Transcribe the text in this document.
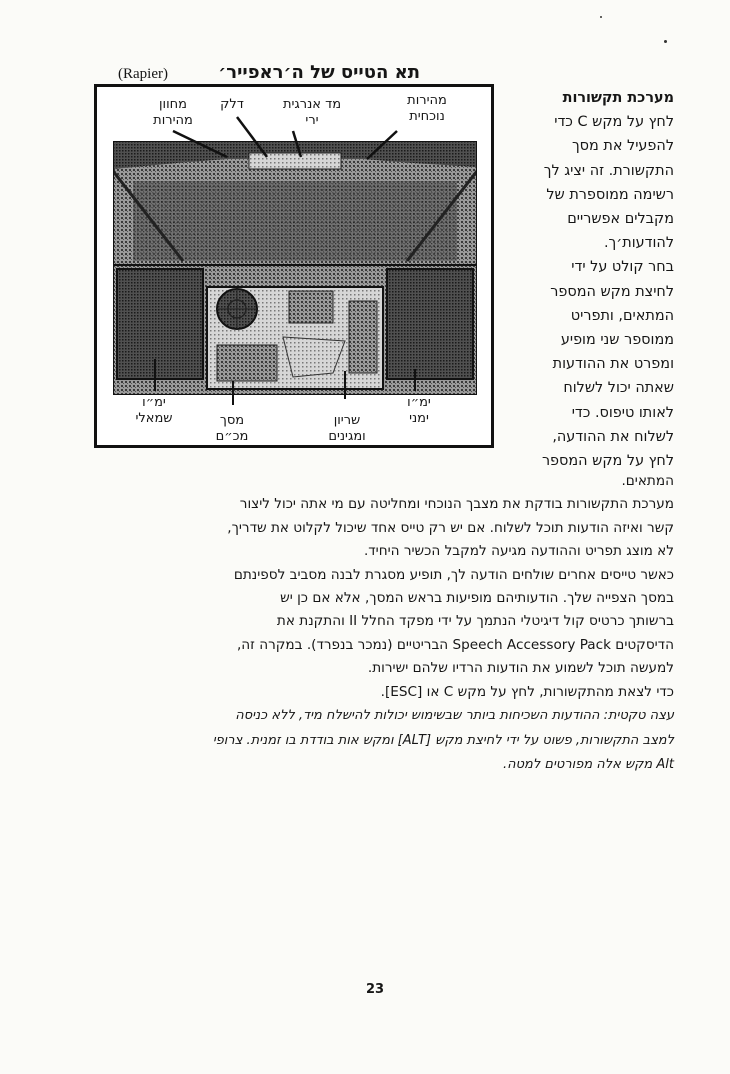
(Rapier)	תא הטייס של ה׳ראפייר׳
מחוון
מהירות
דלק	מד אנרגית
ירי
מהירות
נוכחית
ימ״ו
שמאלי	מסך
מכ״ם
שריון
ומגינים
ימ״ו
ימני
מערכת תקשורות
לחץ על מקש C כדי
להפעיל את מסך
התקשורת. זה יציג לך
רשימה ממוספרת של
מקבלים אפשריים
להודעות׳ך.
בחר קולט על ידי
לחיצת מקש המספר
המתאים, ותפריט
ממוספר שני מופיע
ומפרט את ההודעות
שאתה יכול לשלוח
לאותו טיפוס. כדי
לשלוח את ההודעה,
לחץ על מקש המספר

המתאים.

מערכת התקשורות בודקת את מצבך הנוכחי ומחליטה עם מי אתה יכול ליצור

קשר ואיזה הודעות תוכל לשלוח. אם יש רק טייס אחד שיכול לקלוט את שדריך,

לא מוצג תפריט וההודעה מגיעה למקבל הכשיר היחיד.

כאשר טייסים אחרים שולחים הודעה לך, תופיע מסגרת לבנה מסביב לספינתם

במסך הצפייה שלך. הודעותיהם מופיעות בראש המסך, אלא אם כן יש

ברשותך כרטיס קול דיגיטלי הנתמך על ידי מפקד החלל II והתקנת את

הדיסקטים Speech Accessory Pack הבריטיים (נמכר בנפרד). במקרה זה,

למעשה תוכל לשמוע את הודעות הרדיו שלהם ישירות.

כדי לצאת מהתקשורות, לחץ על מקש C או [ESC].

עצה טקטית: ההודעות השכיחות ביותר שבשימוש יכולות להישלח מיד, ללא כניסה

למצב התקשורות, פשוט על ידי לחיצת מקש [ALT] ומקש אות בודדת בו זמנית. צרופי

Alt מקש אלה מפורטים למטה.

23
